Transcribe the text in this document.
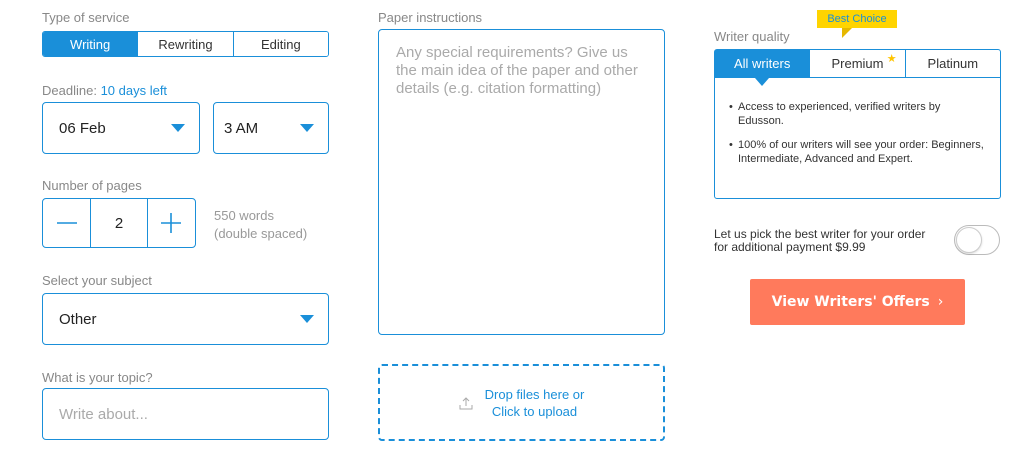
Type of service
Writing	Rewriting	Editing
Deadline: 10 days left
06 Feb	3 AM
Number of pages
2	550 words
(double spaced)
Select your subject
Other
What is your topic?
Write about...
Paper instructions
Any special requirements? Give us the main idea of the paper and other details (e.g. citation formatting)
Drop files here or
Click to upload
Writer quality
Best Choice
All writers	Premium ★	Platinum
• Access to experienced, verified writers by Edusson.
• 100% of our writers will see your order: Beginners, Intermediate, Advanced and Expert.
Let us pick the best writer for your order
for additional payment $9.99
View Writers' Offers ›
